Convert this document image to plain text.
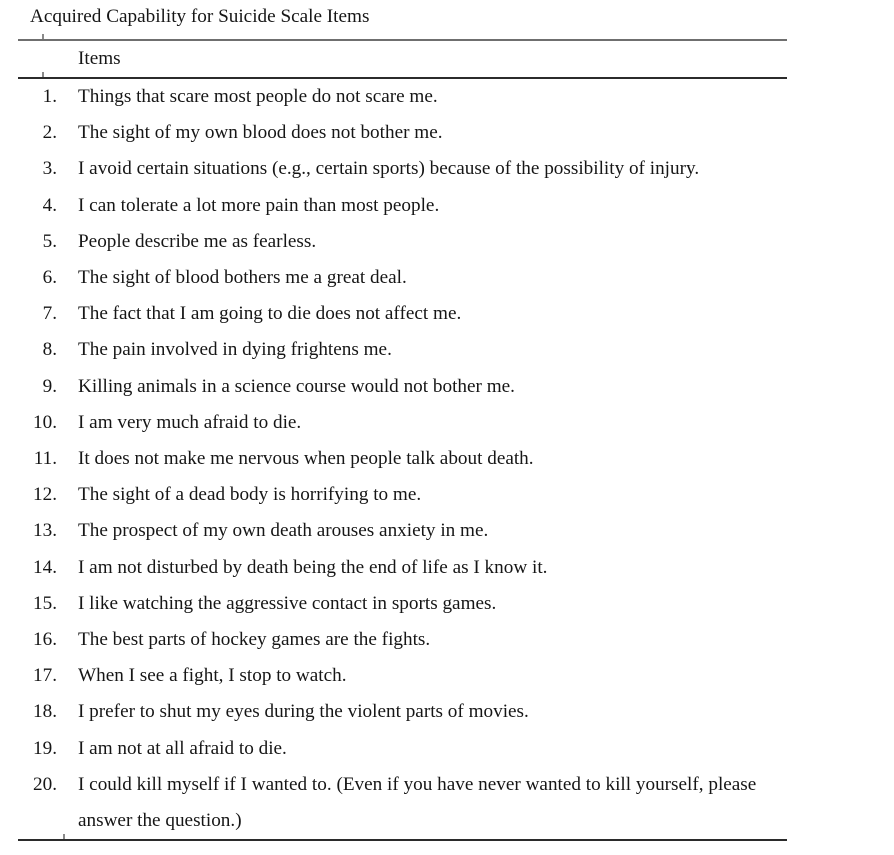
Acquired Capability for Suicide Scale Items
Items
1.	Things that scare most people do not scare me.
2.	The sight of my own blood does not bother me.
3.	I avoid certain situations (e.g., certain sports) because of the possibility of injury.
4.	I can tolerate a lot more pain than most people.
5.	People describe me as fearless.
6.	The sight of blood bothers me a great deal.
7.	The fact that I am going to die does not affect me.
8.	The pain involved in dying frightens me.
9.	Killing animals in a science course would not bother me.
10.	I am very much afraid to die.
11.	It does not make me nervous when people talk about death.
12.	The sight of a dead body is horrifying to me.
13.	The prospect of my own death arouses anxiety in me.
14.	I am not disturbed by death being the end of life as I know it.
15.	I like watching the aggressive contact in sports games.
16.	The best parts of hockey games are the fights.
17.	When I see a fight, I stop to watch.
18.	I prefer to shut my eyes during the violent parts of movies.
19.	I am not at all afraid to die.
20.	I could kill myself if I wanted to. (Even if you have never wanted to kill yourself, please answer the question.)
